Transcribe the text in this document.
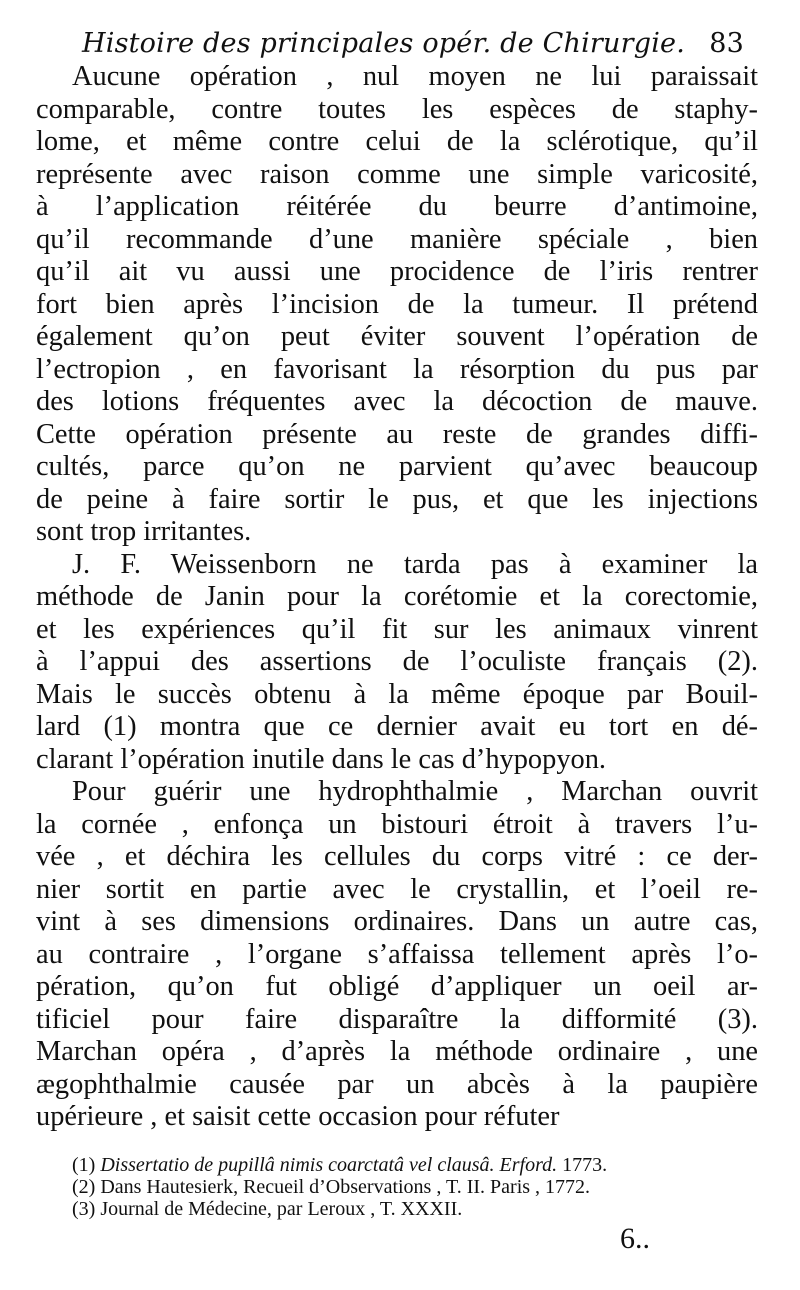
Histoire des principales opér. de Chirurgie. 83
Aucune opération , nul moyen ne lui paraissait
comparable, contre toutes les espèces de staphy-
lome, et même contre celui de la sclérotique, qu’il
représente avec raison comme une simple varicosité,
à l’application réitérée du beurre d’antimoine,
qu’il recommande d’une manière spéciale , bien
qu’il ait vu aussi une procidence de l’iris rentrer
fort bien après l’incision de la tumeur. Il prétend
également qu’on peut éviter souvent l’opération de
l’ectropion , en favorisant la résorption du pus par
des lotions fréquentes avec la décoction de mauve.
Cette opération présente au reste de grandes diffi-
cultés, parce qu’on ne parvient qu’avec beaucoup
de peine à faire sortir le pus, et que les injections
sont trop irritantes.
J. F. Weissenborn ne tarda pas à examiner la
méthode de Janin pour la corétomie et la corectomie,
et les expériences qu’il fit sur les animaux vinrent
à l’appui des assertions de l’oculiste français (2).
Mais le succès obtenu à la même époque par Bouil-
lard (1) montra que ce dernier avait eu tort en dé-
clarant l’opération inutile dans le cas d’hypopyon.
Pour guérir une hydrophthalmie , Marchan ouvrit
la cornée , enfonça un bistouri étroit à travers l’u-
vée , et déchira les cellules du corps vitré : ce der-
nier sortit en partie avec le crystallin, et l’oeil re-
vint à ses dimensions ordinaires. Dans un autre cas,
au contraire , l’organe s’affaissa tellement après l’o-
pération, qu’on fut obligé d’appliquer un oeil ar-
tificiel pour faire disparaître la difformité (3).
Marchan opéra , d’après la méthode ordinaire , une
ægophthalmie causée par un abcès à la paupière
upérieure , et saisit cette occasion pour réfuter
(1) Dissertatio de pupillâ nimis coarctatâ vel clausâ. Erford. 1773.
(2) Dans Hautesierk, Recueil d’Observations , T. II. Paris , 1772.
(3) Journal de Médecine, par Leroux , T. XXXII.
6..
